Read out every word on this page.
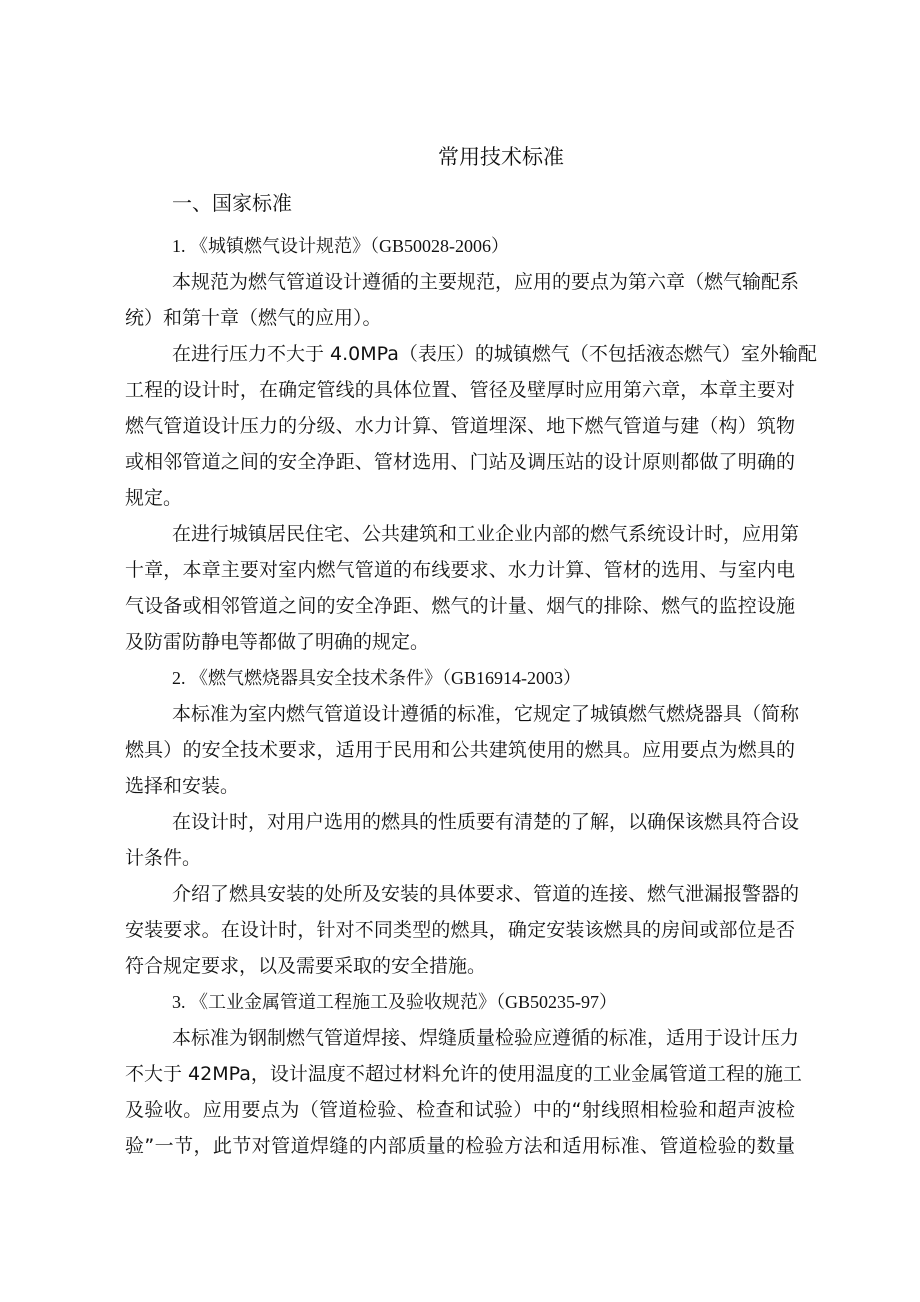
常用技术标准
一、国家标准
1. 《城镇燃气设计规范》（GB50028-2006）
本规范为燃气管道设计遵循的主要规范，应用的要点为第六章（燃气输配系
统）和第十章（燃气的应用）。
在进行压力不大于 4.0MPa（表压）的城镇燃气（不包括液态燃气）室外输配
工程的设计时，在确定管线的具体位置、管径及壁厚时应用第六章，本章主要对
燃气管道设计压力的分级、水力计算、管道埋深、地下燃气管道与建（构）筑物
或相邻管道之间的安全净距、管材选用、门站及调压站的设计原则都做了明确的
规定。
在进行城镇居民住宅、公共建筑和工业企业内部的燃气系统设计时，应用第
十章，本章主要对室内燃气管道的布线要求、水力计算、管材的选用、与室内电
气设备或相邻管道之间的安全净距、燃气的计量、烟气的排除、燃气的监控设施
及防雷防静电等都做了明确的规定。
2. 《燃气燃烧器具安全技术条件》（GB16914-2003）
本标准为室内燃气管道设计遵循的标准，它规定了城镇燃气燃烧器具（简称
燃具）的安全技术要求，适用于民用和公共建筑使用的燃具。应用要点为燃具的
选择和安装。
在设计时，对用户选用的燃具的性质要有清楚的了解，以确保该燃具符合设
计条件。
介绍了燃具安装的处所及安装的具体要求、管道的连接、燃气泄漏报警器的
安装要求。在设计时，针对不同类型的燃具，确定安装该燃具的房间或部位是否
符合规定要求，以及需要采取的安全措施。
3. 《工业金属管道工程施工及验收规范》（GB50235-97）
本标准为钢制燃气管道焊接、焊缝质量检验应遵循的标准，适用于设计压力
不大于 42MPa，设计温度不超过材料允许的使用温度的工业金属管道工程的施工
及验收。应用要点为（管道检验、检查和试验）中的“射线照相检验和超声波检
验”一节，此节对管道焊缝的内部质量的检验方法和适用标准、管道检验的数量
